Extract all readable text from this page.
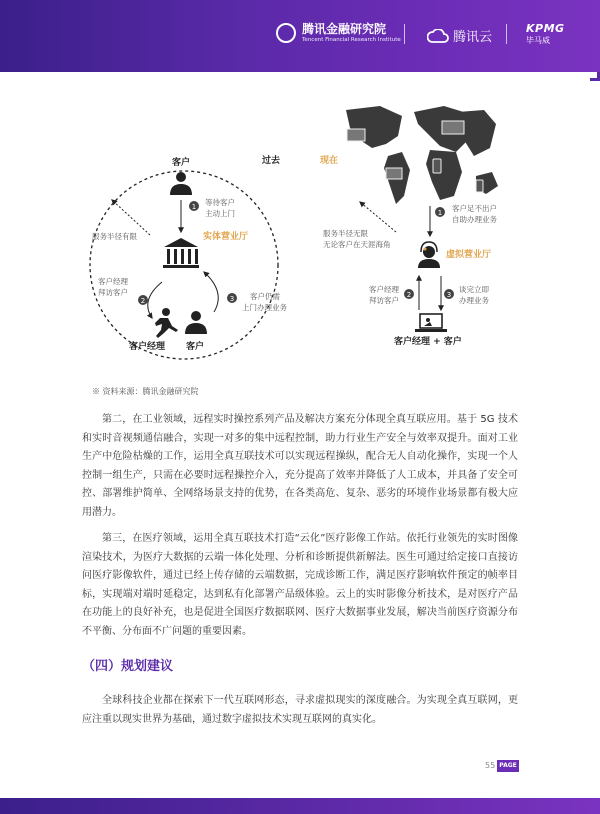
腾讯金融研究院
Tencent Financial Research Institute	腾讯云
KPMG
毕马威
过去
客户
1 等待客户
主动上门
实体营业厅
服务半径有限
2
客户经理
拜访客户
3 客户仍需
上门办理业务
客户经理 客户
现在
1 客户足不出户
自助办理业务
服务半径无限
无论客户在天涯海角
虚拟营业厅
2
客户经理
拜访客户
3
谈完立即
办理业务
客户经理 + 客户
※ 资料来源：腾讯金融研究院
第二，在工业领域，远程实时操控系列产品及解决方案充分体现全真互联应用。基于 5G 技术和实时音视频通信融合，实现一对多的集中远程控制，助力行业生产安全与效率双提升。面对工业生产中危险枯燥的工作，运用全真互联技术可以实现远程操纵，配合无人自动化操作，实现一个人控制一组生产，只需在必要时远程操控介入，充分提高了效率并降低了人工成本，并具备了安全可控、部署维护简单、全网络场景支持的优势，在各类高危、复杂、恶劣的环境作业场景都有极大应用潜力。
第三，在医疗领域，运用全真互联技术打造“云化”医疗影像工作站。依托行业领先的实时图像渲染技术，为医疗大数据的云端一体化处理、分析和诊断提供新解法。医生可通过给定接口直接访问医疗影像软件，通过已经上传存储的云端数据，完成诊断工作，满足医疗影响软件预定的帧率目标，实现端对端时延稳定，达到私有化部署产品级体验。云上的实时影像分析技术，是对医疗产品在功能上的良好补充，也是促进全国医疗数据联网、医疗大数据事业发展，解决当前医疗资源分布不平衡、分布面不广问题的重要因素。
（四）规划建议
全球科技企业都在探索下一代互联网形态，寻求虚拟现实的深度融合。为实现全真互联网，更应注重以现实世界为基础，通过数字虚拟技术实现互联网的真实化。
55 PAGE
